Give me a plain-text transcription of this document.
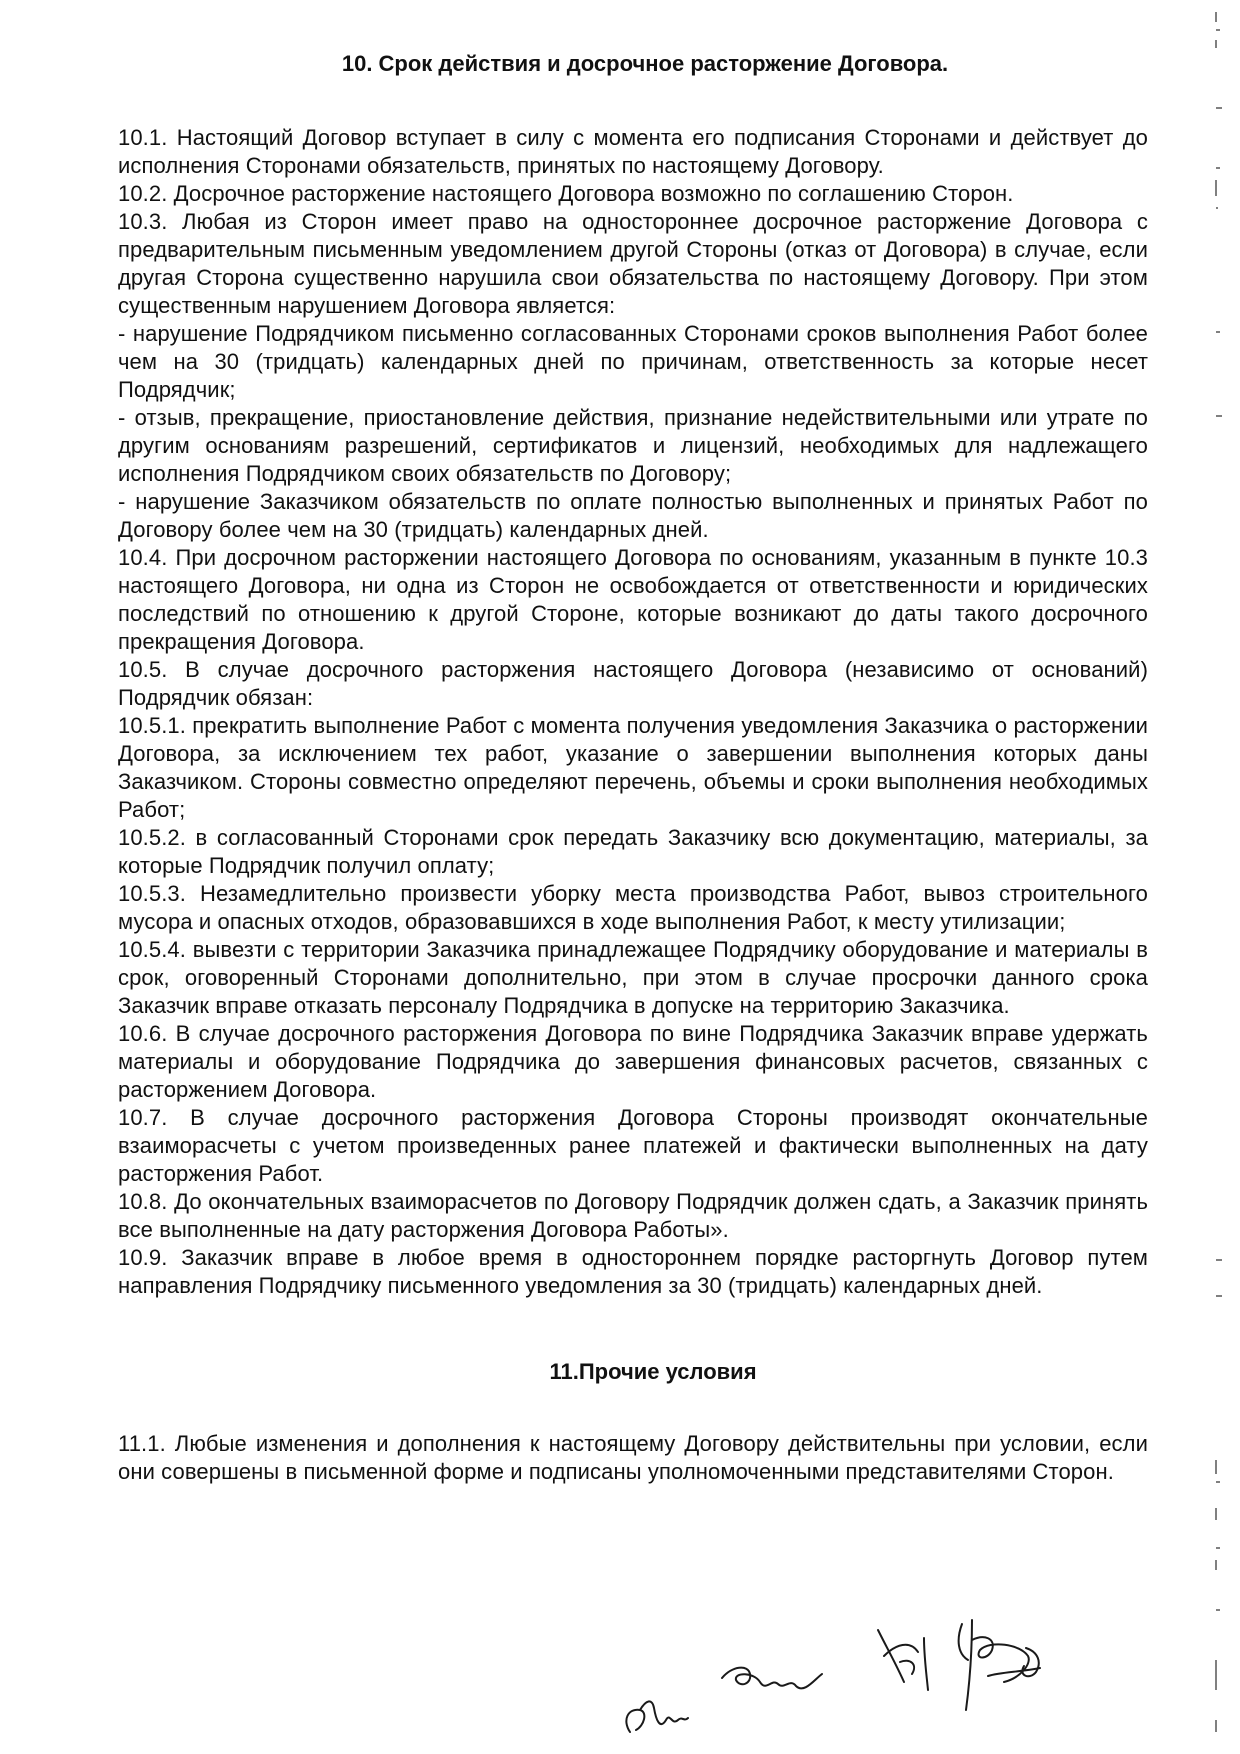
10. Срок действия и досрочное расторжение Договора.

10.1. Настоящий Договор вступает в силу с момента его подписания Сторонами и действует до исполнения Сторонами обязательств, принятых по настоящему Договору.

10.2. Досрочное расторжение настоящего Договора возможно по соглашению Сторон.

10.3. Любая из Сторон имеет право на одностороннее досрочное расторжение Договора с предварительным письменным уведомлением другой Стороны (отказ от Договора) в случае, если другая Сторона существенно нарушила свои обязательства по настоящему Договору. При этом существенным нарушением Договора является:

- нарушение Подрядчиком письменно согласованных Сторонами сроков выполнения Работ более чем на 30 (тридцать) календарных дней по причинам, ответственность за которые несет Подрядчик;

- отзыв, прекращение, приостановление действия, признание недействительными или утрате по другим основаниям разрешений, сертификатов и лицензий, необходимых для надлежащего исполнения Подрядчиком своих обязательств по Договору;

- нарушение Заказчиком обязательств по оплате полностью выполненных и принятых Работ по Договору более чем на 30 (тридцать) календарных дней.

10.4. При досрочном расторжении настоящего Договора по основаниям, указанным в пункте 10.3 настоящего Договора, ни одна из Сторон не освобождается от ответственности и юридических последствий по отношению к другой Стороне, которые возникают до даты такого досрочного прекращения Договора.

10.5. В случае досрочного расторжения настоящего Договора (независимо от оснований) Подрядчик обязан:

10.5.1. прекратить выполнение Работ с момента получения уведомления Заказчика о расторжении Договора, за исключением тех работ, указание о завершении выполнения которых даны Заказчиком. Стороны совместно определяют перечень, объемы и сроки выполнения необходимых Работ;

10.5.2. в согласованный Сторонами срок передать Заказчику всю документацию, материалы, за которые Подрядчик получил оплату;

10.5.3. Незамедлительно произвести уборку места производства Работ, вывоз строительного мусора и опасных отходов, образовавшихся в ходе выполнения Работ, к месту утилизации;

10.5.4. вывезти с территории Заказчика принадлежащее Подрядчику оборудование и материалы в срок, оговоренный Сторонами дополнительно, при этом в случае просрочки данного срока Заказчик вправе отказать персоналу Подрядчика в допуске на территорию Заказчика.

10.6. В случае досрочного расторжения Договора по вине Подрядчика Заказчик вправе удержать материалы и оборудование Подрядчика до завершения финансовых расчетов, связанных с расторжением Договора.

10.7. В случае досрочного расторжения Договора Стороны производят окончательные взаиморасчеты с учетом произведенных ранее платежей и фактически выполненных на дату расторжения Работ.

10.8. До окончательных взаиморасчетов по Договору Подрядчик должен сдать, а Заказчик принять все выполненные на дату расторжения Договора Работы».

10.9. Заказчик вправе в любое время в одностороннем порядке расторгнуть Договор путем направления Подрядчику письменного уведомления за 30 (тридцать) календарных дней.

11.Прочие условия

11.1. Любые изменения и дополнения к настоящему Договору действительны при условии, если они совершены в письменной форме и подписаны уполномоченными представителями Сторон.
